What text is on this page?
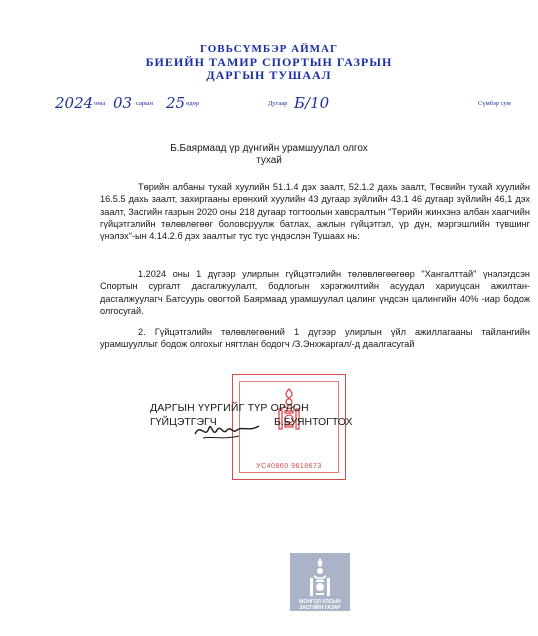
ГОВЬСҮМБЭР АЙМАГ
БИЕИЙН ТАМИР СПОРТЫН ГАЗРЫН
ДАРГЫН ТУШААЛ
2024 оны 03 сарын 25 өдөр	Дугаар Б/10	Сүмбэр сум
Б.Баярмаад үр дүнгийн урамшуулал олгох
тухай

Төрийн албаны тухай хуулийн 51.1.4 дэх заалт, 52.1.2 дахь заалт, Төсвийн тухай хуулийн 16.5.5 дахь заалт, захиргааны ерөнхий хуулийн 43 дугаар зүйлийн 43.1 46 дугаар зүйлийн 46,1 дэх заалт, Засгийн газрын 2020 оны 218 дугаар тогтоолын хавсралтын "Төрийн жинхэнэ албан хаагчийн гүйцэтгэлийн төлөвлөгөөг боловсруулж батлах, ажлын гүйцэтгэл, үр дүн, мэргэшлийн түвшинг үнэлэх"-ын 4.14.2.б дэх заалтыг тус тус үндэслэн Тушаах нь:

1.2024 оны 1 дүгээр улирлын гүйцэтгэлийн төлөвлөгөөгөөр "Хангалттай" үнэлэгдсэн Спортын сургалт дасгалжуулалт, бодлогын хэрэгжилтийн асуудал хариуцсан ажилтан-дасгалжуулагч Батсуурь овогтой Баярмаад урамшуулал цалинг үндсэн цалингийн 40% -иар бодож олгосугай.

2. Гүйцэтгэлийн төлөвлөгөөний 1 дүгээр улирлын үйл ажиллагааны тайлангийн урамшууллыг бодож олгохыг нягтлан бодогч /З.Энхжаргал/-д даалгасугай

УС40860 9618673
ДАРГЫН ҮҮРГИЙГ ТҮР ОРЛОН
ГҮЙЦЭТГЭГЧ	Б.БУЯНТОГТОХ
МОНГОЛ УЛСЫН
ЗАСГИЙН ГАЗАР
